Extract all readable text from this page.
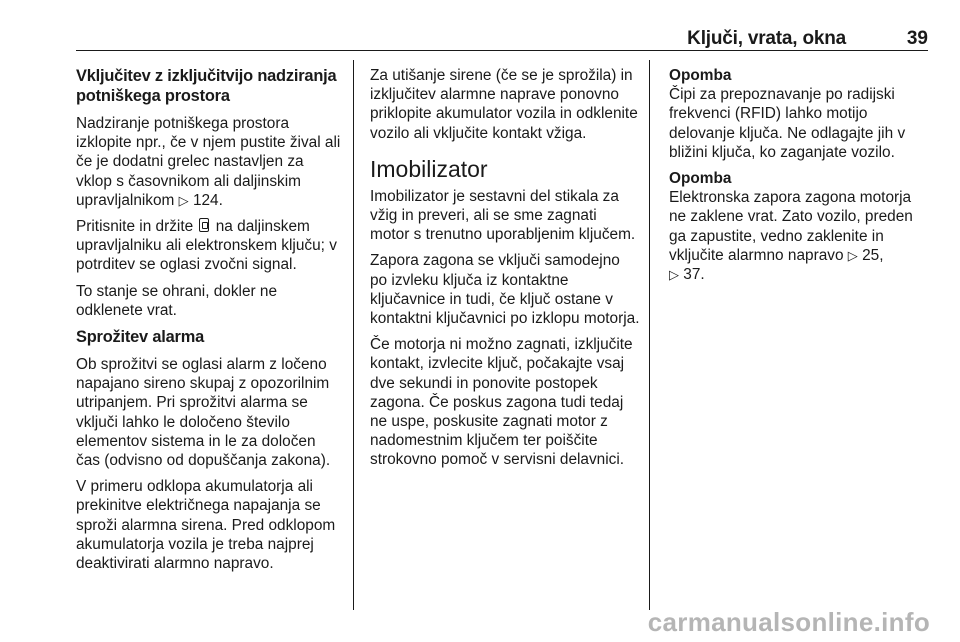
Ključi, vrata, okna	39
Vključitev z izključitvijo nadziranja potniškega prostora
Nadziranje potniškega prostora izklopite npr., če v njem pustite žival ali če je dodatni grelec nastavljen za vklop s časovnikom ali daljinskim upravljalnikom ▷ 124.
Pritisnite in držite na daljinskem upravljalniku ali elektronskem ključu; v potrditev se oglasi zvočni signal.
To stanje se ohrani, dokler ne odklenete vrat.
Sprožitev alarma
Ob sprožitvi se oglasi alarm z ločeno napajano sireno skupaj z opozorilnim utripanjem. Pri sprožitvi alarma se vključi lahko le določeno število elementov sistema in le za določen čas (odvisno od dopuščanja zakona).
V primeru odklopa akumulatorja ali prekinitve električnega napajanja se sproži alarmna sirena. Pred odklopom akumulatorja vozila je treba najprej deaktivirati alarmno napravo.
Za utišanje sirene (če se je sprožila) in izključitev alarmne naprave ponovno priklopite akumulator vozila in odklenite vozilo ali vključite kontakt vžiga.
Imobilizator
Imobilizator je sestavni del stikala za vžig in preveri, ali se sme zagnati motor s trenutno uporabljenim ključem.
Zapora zagona se vključi samodejno po izvleku ključa iz kontaktne ključavnice in tudi, če ključ ostane v kontaktni ključavnici po izklopu motorja.
Če motorja ni možno zagnati, izključite kontakt, izvlecite ključ, počakajte vsaj dve sekundi in ponovite postopek zagona. Če poskus zagona tudi tedaj ne uspe, poskusite zagnati motor z nadomestnim ključem ter poiščite strokovno pomoč v servisni delavnici.
Opomba
Čipi za prepoznavanje po radijski frekvenci (RFID) lahko motijo delovanje ključa. Ne odlagajte jih v bližini ključa, ko zaganjate vozilo.
Opomba
Elektronska zapora zagona motorja ne zaklene vrat. Zato vozilo, preden ga zapustite, vedno zaklenite in vključite alarmno napravo ▷ 25,
▷ 37.
carmanualsonline.info
